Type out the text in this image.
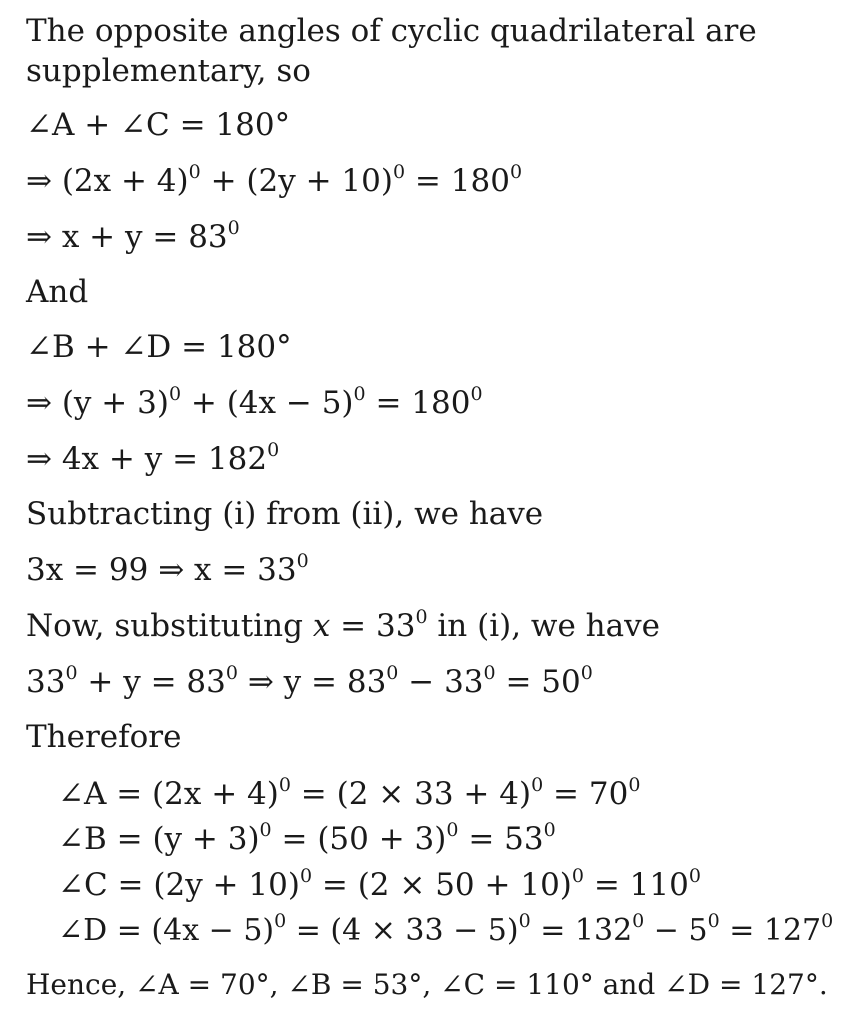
The opposite angles of cyclic quadrilateral are
supplementary, so
∠A + ∠C = 180°
⇒ $(2x + 4)^0 + (2y + 10)^0 = 180^0$
⇒ $x + y = 83^0$
And
∠B + ∠D = 180°
⇒ $(y + 3)^0 + (4x - 5)^0 = 180^0$
⇒ $4x + y = 182^0$
Subtracting (i) from (ii), we have
3x = 99 ⇒ $x = 33^0$
Now, substituting $x = 33^0$ in (i), we have
$33^0 + y = 83^0$ ⇒ $y = 83^0 - 33^0 = 50^0$
Therefore
∠A = $(2x + 4)^0 = (2 \times 33 + 4)^0 = 70^0$
∠B = $(y + 3)^0 = (50 + 3)^0 = 53^0$
∠C = $(2y + 10)^0 = (2 \times 50 + 10)^0 = 110^0$
∠D = $(4x - 5)^0 = (4 \times 33 - 5)^0 = 132^0 - 5^0 = 127^0$
Hence, ∠A = 70°, ∠B = 53°, ∠C = 110° and ∠D = 127°.
